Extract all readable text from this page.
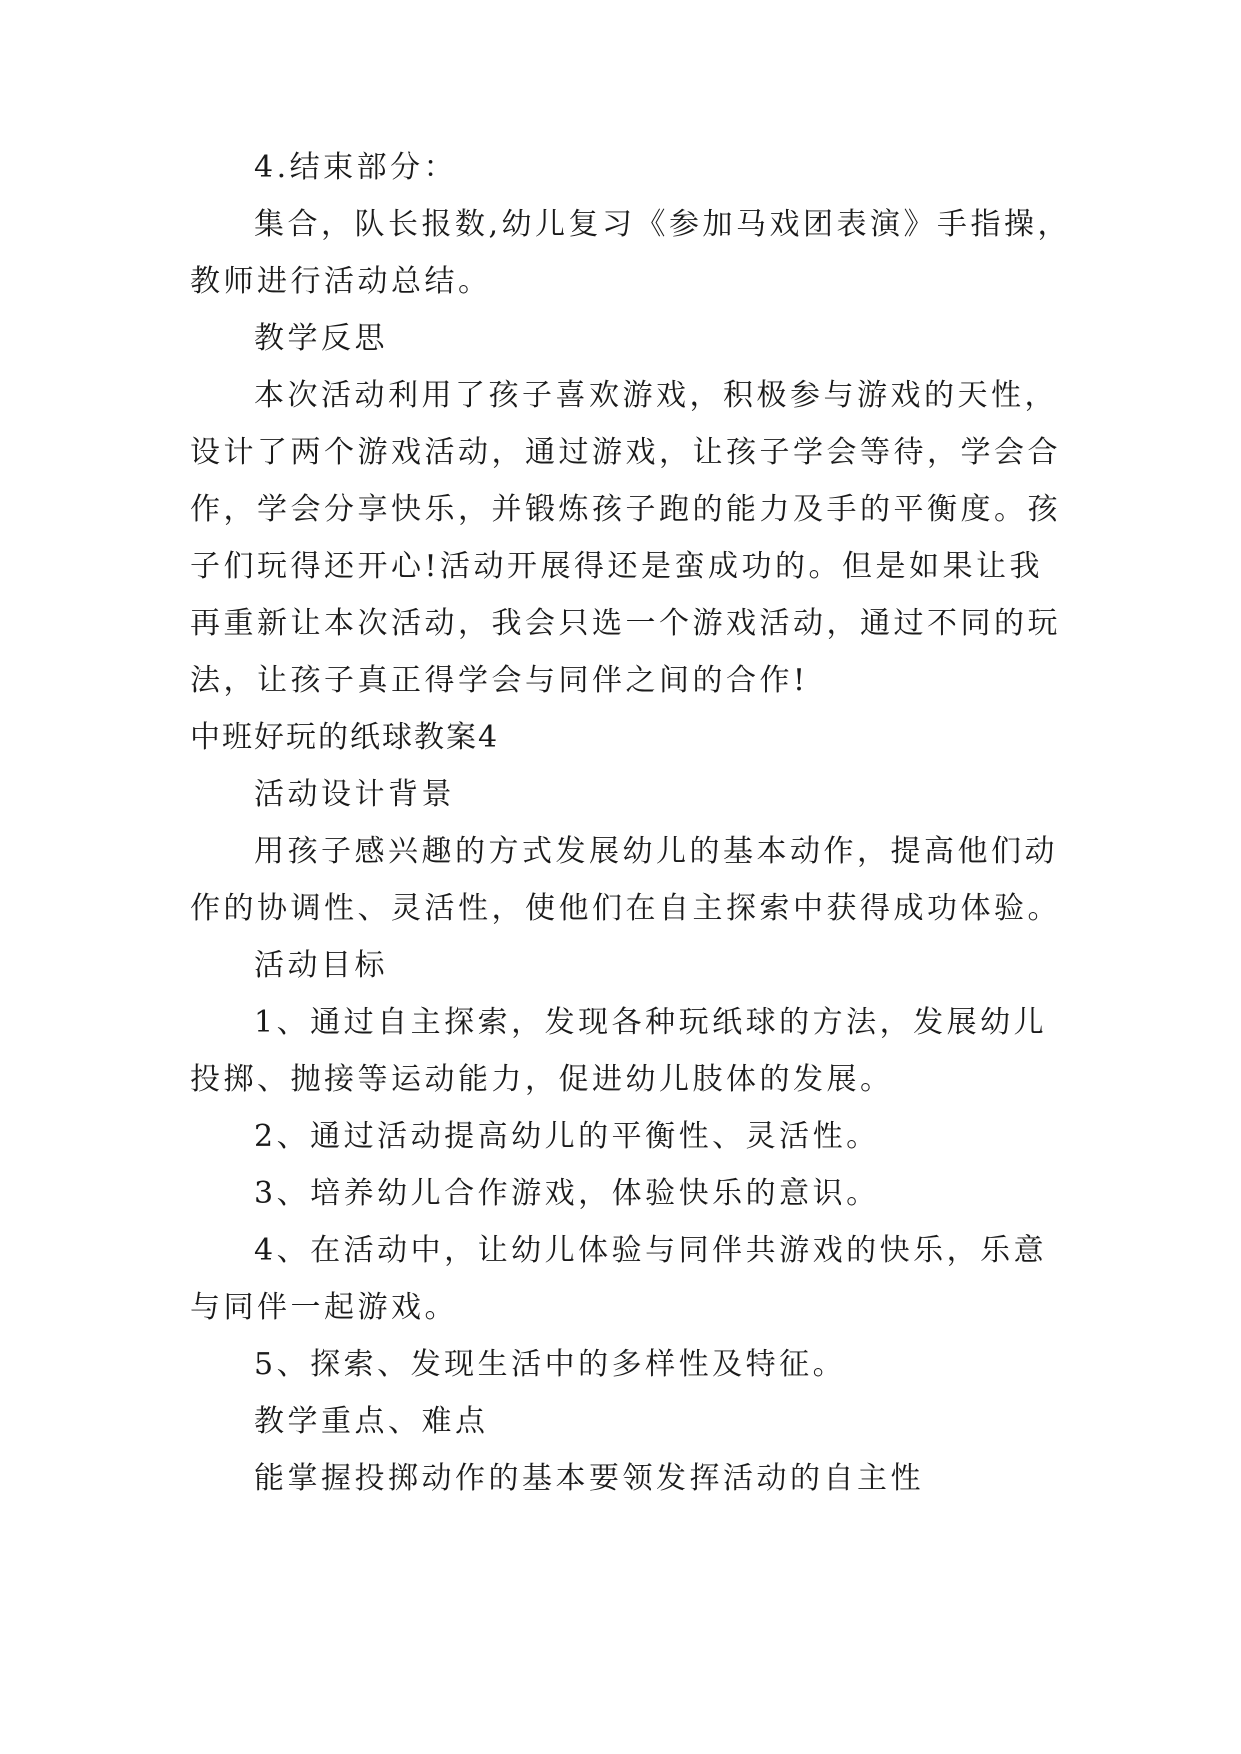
4.结束部分：
集合，队长报数,幼儿复习《参加马戏团表演》手指操，
教师进行活动总结。
教学反思
本次活动利用了孩子喜欢游戏，积极参与游戏的天性，
设计了两个游戏活动，通过游戏，让孩子学会等待，学会合
作，学会分享快乐，并锻炼孩子跑的能力及手的平衡度。孩
子们玩得还开心!活动开展得还是蛮成功的。但是如果让我
再重新让本次活动，我会只选一个游戏活动，通过不同的玩
法，让孩子真正得学会与同伴之间的合作!
中班好玩的纸球教案4
活动设计背景
用孩子感兴趣的方式发展幼儿的基本动作，提高他们动
作的协调性、灵活性，使他们在自主探索中获得成功体验。
活动目标
1、通过自主探索，发现各种玩纸球的方法，发展幼儿
投掷、抛接等运动能力，促进幼儿肢体的发展。
2、通过活动提高幼儿的平衡性、灵活性。
3、培养幼儿合作游戏，体验快乐的意识。
4、在活动中，让幼儿体验与同伴共游戏的快乐，乐意
与同伴一起游戏。
5、探索、发现生活中的多样性及特征。
教学重点、难点
能掌握投掷动作的基本要领发挥活动的自主性
